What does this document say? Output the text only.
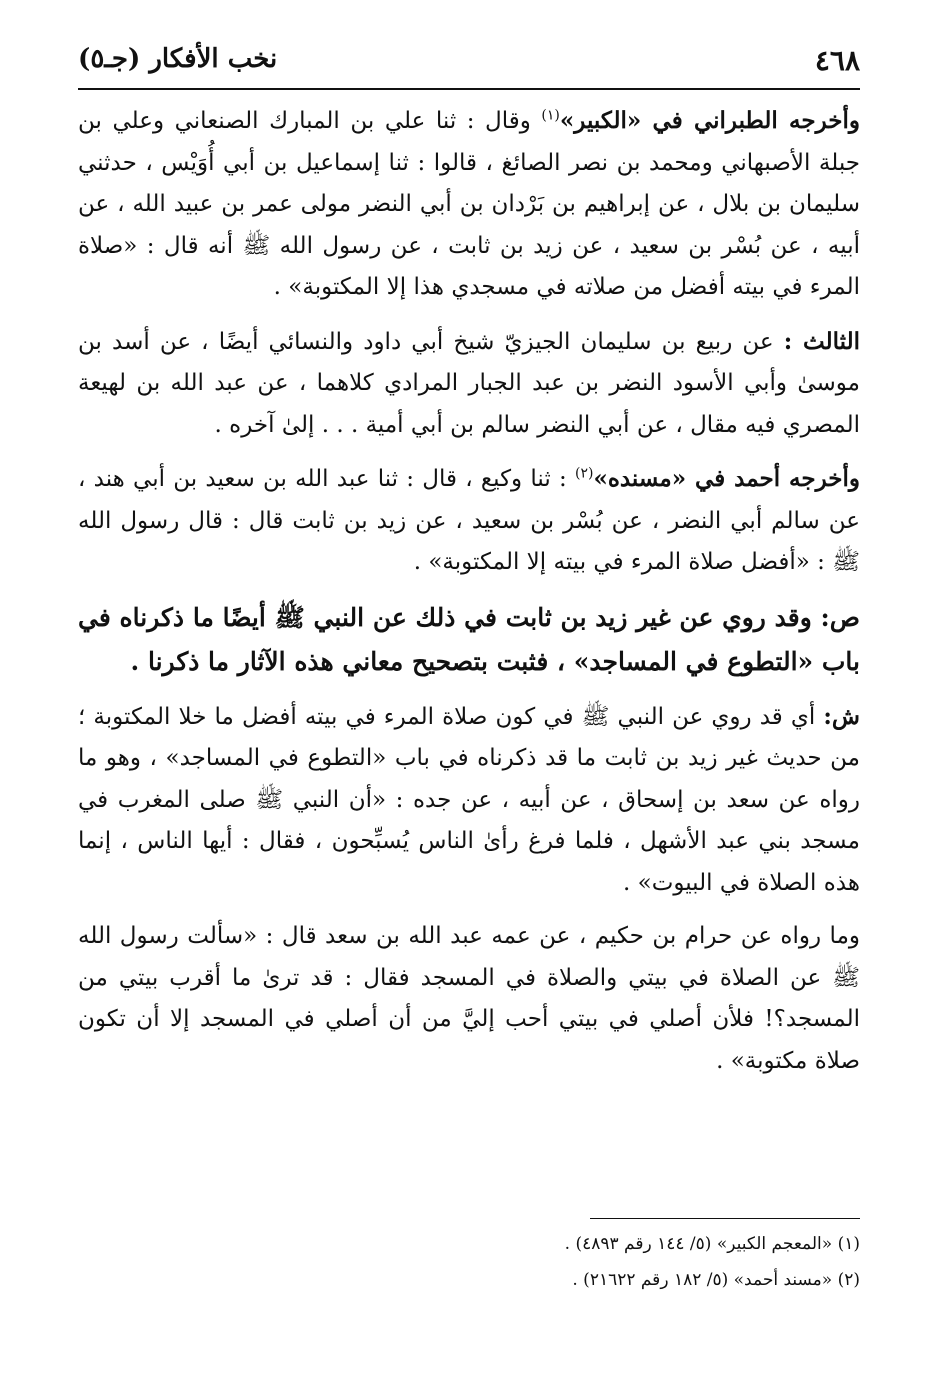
٤٦٨
نخب الأفكار (جـ٥)

وأخرجه الطبراني في «الكبير»$^{(١)}$ وقال : ثنا علي بن المبارك الصنعاني وعلي بن جبلة الأصبهاني ومحمد بن نصر الصائغ ، قالوا : ثنا إسماعيل بن أبي أُوَيْس ، حدثني سليمان بن بلال ، عن إبراهيم بن بَرْدان بن أبي النضر مولى عمر بن عبيد الله ، عن أبيه ، عن بُسْر بن سعيد ، عن زيد بن ثابت ، عن رسول الله ﷺ أنه قال : «صلاة المرء في بيته أفضل من صلاته في مسجدي هذا إلا المكتوبة» .

الثالث : عن ربيع بن سليمان الجيزيّ شيخ أبي داود والنسائي أيضًا ، عن أسد بن موسىٰ وأبي الأسود النضر بن عبد الجبار المرادي كلاهما ، عن عبد الله بن لهيعة المصري فيه مقال ، عن أبي النضر سالم بن أبي أمية . . . إلىٰ آخره .

وأخرجه أحمد في «مسنده»$^{(٢)}$ : ثنا وكيع ، قال : ثنا عبد الله بن سعيد بن أبي هند ، عن سالم أبي النضر ، عن بُسْر بن سعيد ، عن زيد بن ثابت قال : قال رسول الله ﷺ : «أفضل صلاة المرء في بيته إلا المكتوبة» .

ص: وقد روي عن غير زيد بن ثابت في ذلك عن النبي ﷺ أيضًا ما ذكرناه في باب «التطوع في المساجد» ، فثبت بتصحيح معاني هذه الآثار ما ذكرنا .

ش: أي قد روي عن النبي ﷺ في كون صلاة المرء في بيته أفضل ما خلا المكتوبة ؛ من حديث غير زيد بن ثابت ما قد ذكرناه في باب «التطوع في المساجد» ، وهو ما رواه عن سعد بن إسحاق ، عن أبيه ، عن جده : «أن النبي ﷺ صلى المغرب في مسجد بني عبد الأشهل ، فلما فرغ رأىٰ الناس يُسبِّحون ، فقال : أيها الناس ، إنما هذه الصلاة في البيوت» .

وما رواه عن حرام بن حكيم ، عن عمه عبد الله بن سعد قال : «سألت رسول الله ﷺ عن الصلاة في بيتي والصلاة في المسجد فقال : قد ترىٰ ما أقرب بيتي من المسجد؟! فلأن أصلي في بيتي أحب إليَّ من أن أصلي في المسجد إلا أن تكون صلاة مكتوبة» .

(١) «المعجم الكبير» (٥/ ١٤٤ رقم ٤٨٩٣) .
(٢) «مسند أحمد» (٥/ ١٨٢ رقم ٢١٦٢٢) .
